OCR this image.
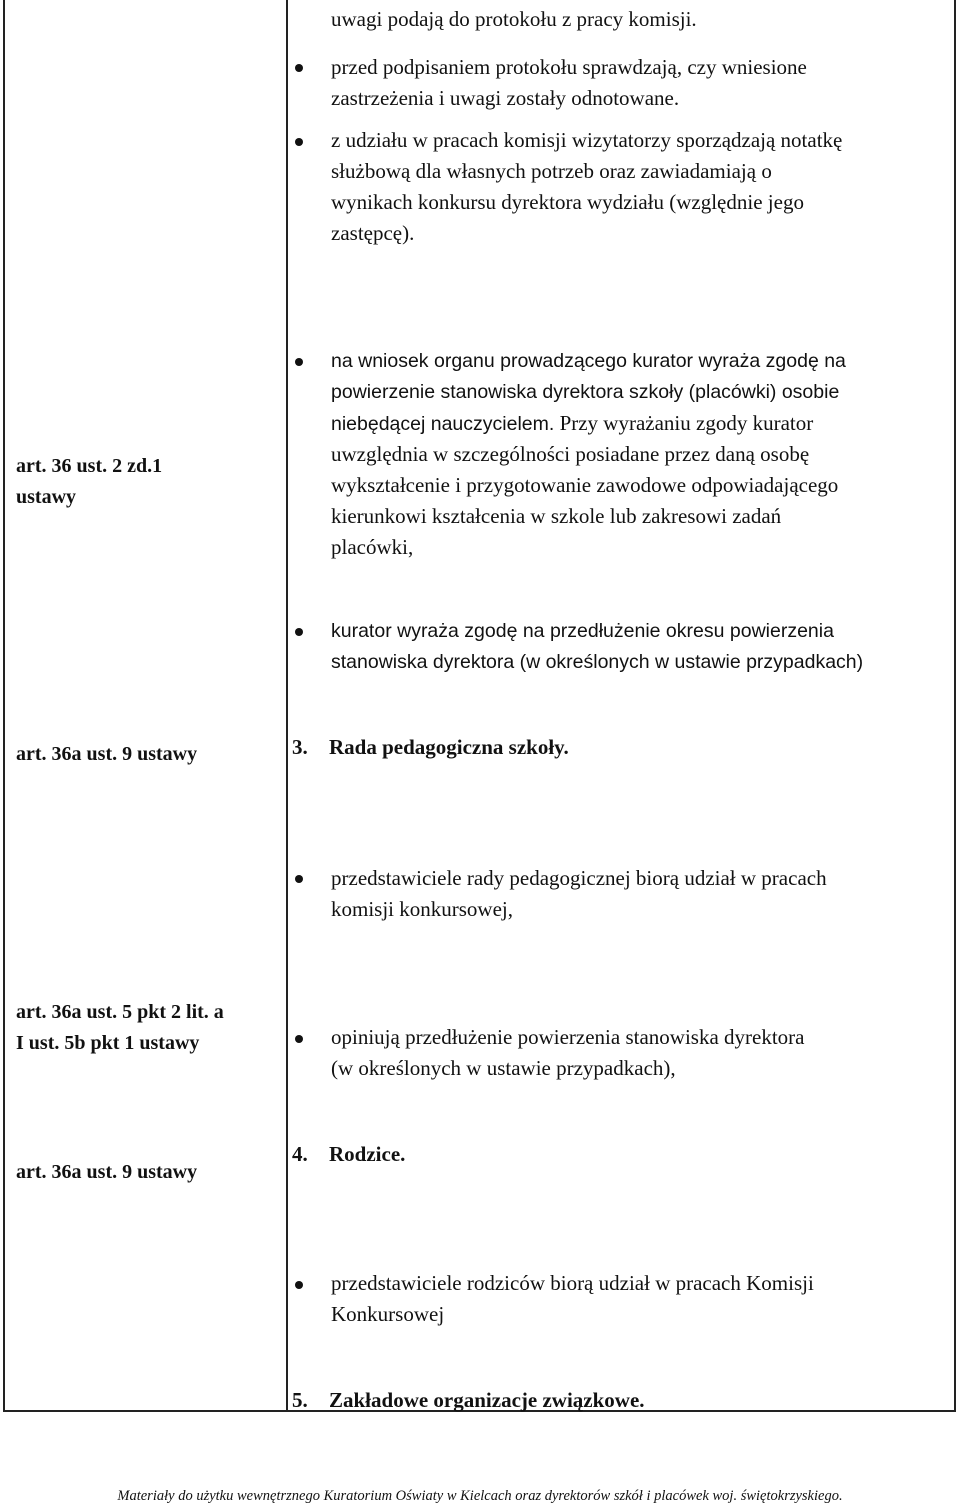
uwagi podają do protokołu z pracy komisji.
przed podpisaniem protokołu sprawdzają, czy wniesione
zastrzeżenia i uwagi zostały odnotowane.
z udziału w pracach komisji wizytatorzy sporządzają notatkę
służbową dla własnych potrzeb oraz zawiadamiają o
wynikach konkursu dyrektora wydziału (względnie jego
zastępcę).
art. 36 ust. 2 zd.1
ustawy
na wniosek organu prowadzącego kurator wyraża zgodę na
powierzenie stanowiska dyrektora szkoły (placówki) osobie
niebędącej nauczycielem. Przy wyrażaniu zgody kurator
uwzględnia w szczególności posiadane przez daną osobę
wykształcenie i przygotowanie zawodowe odpowiadającego
kierunkowi kształcenia w szkole lub zakresowi zadań
placówki,
kurator wyraża zgodę na przedłużenie okresu powierzenia
stanowiska dyrektora (w określonych w ustawie przypadkach)
art. 36a ust. 9 ustawy	3. Rada pedagogiczna szkoły.
przedstawiciele rady pedagogicznej biorą udział w pracach
komisji konkursowej,
art. 36a ust. 5 pkt 2 lit. a
I ust. 5b pkt 1 ustawy	opiniują przedłużenie powierzenia stanowiska dyrektora
(w określonych w ustawie przypadkach),
art. 36a ust. 9 ustawy
4. Rodzice.
przedstawiciele rodziców biorą udział w pracach Komisji
Konkursowej
5. Zakładowe organizacje związkowe.
Materiały do użytku wewnętrznego Kuratorium Oświaty w Kielcach oraz dyrektorów szkół i placówek woj. świętokrzyskiego.
